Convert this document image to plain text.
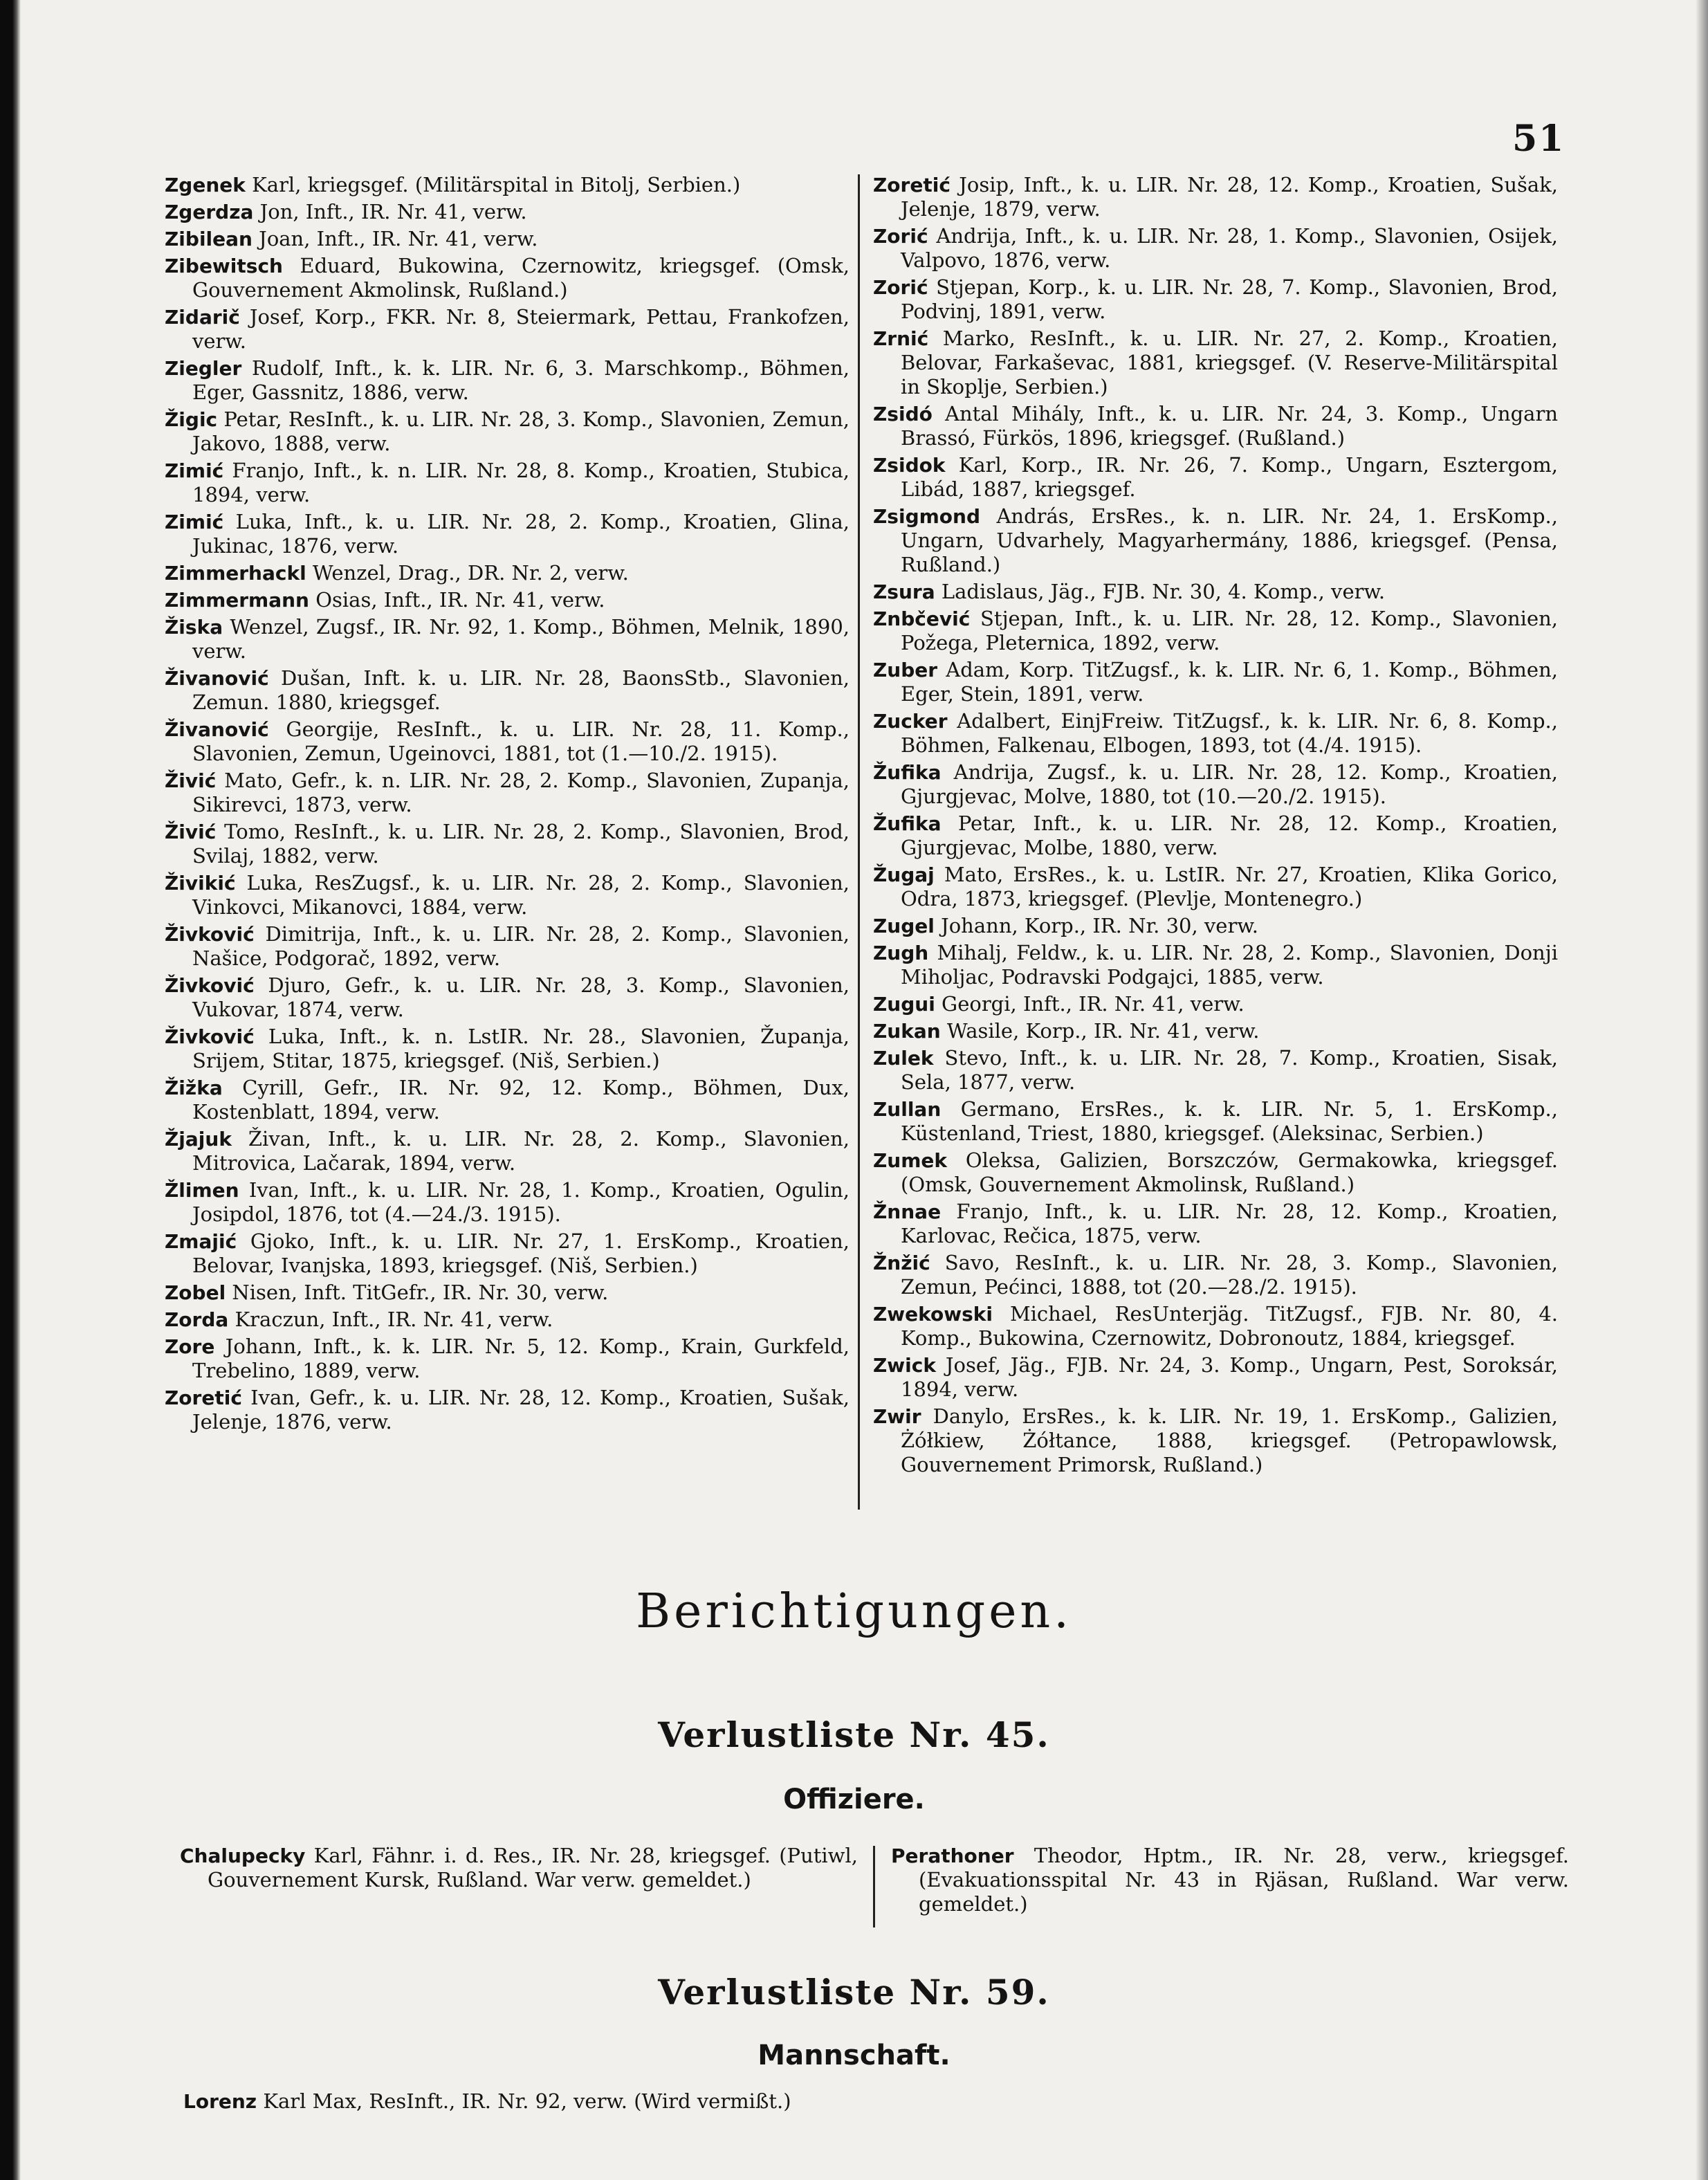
51
Zgenek Karl, kriegsgef. (Militärspital in Bitolj, Serbien.)
Zgerdza Jon, Inft., IR. Nr. 41, verw.
Zibilean Joan, Inft., IR. Nr. 41, verw.
Zibewitsch Eduard, Bukowina, Czernowitz, kriegsgef. (Omsk, Gouvernement Akmolinsk, Rußland.)
Zidarič Josef, Korp., FKR. Nr. 8, Steiermark, Pettau, Frankofzen, verw.
Ziegler Rudolf, Inft., k. k. LIR. Nr. 6, 3. Marschkomp., Böhmen, Eger, Gassnitz, 1886, verw.
Žigic Petar, ResInft., k. u. LIR. Nr. 28, 3. Komp., Slavonien, Zemun, Jakovo, 1888, verw.
Zimić Franjo, Inft., k. n. LIR. Nr. 28, 8. Komp., Kroatien, Stubica, 1894, verw.
Zimić Luka, Inft., k. u. LIR. Nr. 28, 2. Komp., Kroatien, Glina, Jukinac, 1876, verw.
Zimmerhackl Wenzel, Drag., DR. Nr. 2, verw.
Zimmermann Osias, Inft., IR. Nr. 41, verw.
Žiska Wenzel, Zugsf., IR. Nr. 92, 1. Komp., Böhmen, Melnik, 1890, verw.
Živanović Dušan, Inft. k. u. LIR. Nr. 28, BaonsStb., Slavonien, Zemun. 1880, kriegsgef.
Živanović Georgije, ResInft., k. u. LIR. Nr. 28, 11. Komp., Slavonien, Zemun, Ugeinovci, 1881, tot (1.—10./2. 1915).
Živić Mato, Gefr., k. n. LIR. Nr. 28, 2. Komp., Slavonien, Zupanja, Sikirevci, 1873, verw.
Živić Tomo, ResInft., k. u. LIR. Nr. 28, 2. Komp., Slavonien, Brod, Svilaj, 1882, verw.
Živikić Luka, ResZugsf., k. u. LIR. Nr. 28, 2. Komp., Slavonien, Vinkovci, Mikanovci, 1884, verw.
Živković Dimitrija, Inft., k. u. LIR. Nr. 28, 2. Komp., Slavonien, Našice, Podgorač, 1892, verw.
Živković Djuro, Gefr., k. u. LIR. Nr. 28, 3. Komp., Slavonien, Vukovar, 1874, verw.
Živković Luka, Inft., k. n. LstIR. Nr. 28., Slavonien, Županja, Srijem, Stitar, 1875, kriegsgef. (Niš, Serbien.)
Žižka Cyrill, Gefr., IR. Nr. 92, 12. Komp., Böhmen, Dux, Kostenblatt, 1894, verw.
Žjajuk Živan, Inft., k. u. LIR. Nr. 28, 2. Komp., Slavonien, Mitrovica, Lačarak, 1894, verw.
Žlimen Ivan, Inft., k. u. LIR. Nr. 28, 1. Komp., Kroatien, Ogulin, Josipdol, 1876, tot (4.—24./3. 1915).
Zmajić Gjoko, Inft., k. u. LIR. Nr. 27, 1. ErsKomp., Kroatien, Belovar, Ivanjska, 1893, kriegsgef. (Niš, Serbien.)
Zobel Nisen, Inft. TitGefr., IR. Nr. 30, verw.
Zorda Kraczun, Inft., IR. Nr. 41, verw.
Zore Johann, Inft., k. k. LIR. Nr. 5, 12. Komp., Krain, Gurkfeld, Trebelino, 1889, verw.
Zoretić Ivan, Gefr., k. u. LIR. Nr. 28, 12. Komp., Kroatien, Sušak, Jelenje, 1876, verw.
Zoretić Josip, Inft., k. u. LIR. Nr. 28, 12. Komp., Kroatien, Sušak, Jelenje, 1879, verw.
Zorić Andrija, Inft., k. u. LIR. Nr. 28, 1. Komp., Slavonien, Osijek, Valpovo, 1876, verw.
Zorić Stjepan, Korp., k. u. LIR. Nr. 28, 7. Komp., Slavonien, Brod, Podvinj, 1891, verw.
Zrnić Marko, ResInft., k. u. LIR. Nr. 27, 2. Komp., Kroatien, Belovar, Farkaševac, 1881, kriegsgef. (V. Reserve-Militärspital in Skoplje, Serbien.)
Zsidó Antal Mihály, Inft., k. u. LIR. Nr. 24, 3. Komp., Ungarn Brassó, Fürkös, 1896, kriegsgef. (Rußland.)
Zsidok Karl, Korp., IR. Nr. 26, 7. Komp., Ungarn, Esztergom, Libád, 1887, kriegsgef.
Zsigmond András, ErsRes., k. n. LIR. Nr. 24, 1. ErsKomp., Ungarn, Udvarhely, Magyarhermány, 1886, kriegsgef. (Pensa, Rußland.)
Zsura Ladislaus, Jäg., FJB. Nr. 30, 4. Komp., verw.
Znbčević Stjepan, Inft., k. u. LIR. Nr. 28, 12. Komp., Slavonien, Požega, Pleternica, 1892, verw.
Zuber Adam, Korp. TitZugsf., k. k. LIR. Nr. 6, 1. Komp., Böhmen, Eger, Stein, 1891, verw.
Zucker Adalbert, EinjFreiw. TitZugsf., k. k. LIR. Nr. 6, 8. Komp., Böhmen, Falkenau, Elbogen, 1893, tot (4./4. 1915).
Žufika Andrija, Zugsf., k. u. LIR. Nr. 28, 12. Komp., Kroatien, Gjurgjevac, Molve, 1880, tot (10.—20./2. 1915).
Žufika Petar, Inft., k. u. LIR. Nr. 28, 12. Komp., Kroatien, Gjurgjevac, Molbe, 1880, verw.
Žugaj Mato, ErsRes., k. u. LstIR. Nr. 27, Kroatien, Klika Gorico, Odra, 1873, kriegsgef. (Plevlje, Montenegro.)
Zugel Johann, Korp., IR. Nr. 30, verw.
Zugh Mihalj, Feldw., k. u. LIR. Nr. 28, 2. Komp., Slavonien, Donji Miholjac, Podravski Podgajci, 1885, verw.
Zugui Georgi, Inft., IR. Nr. 41, verw.
Zukan Wasile, Korp., IR. Nr. 41, verw.
Zulek Stevo, Inft., k. u. LIR. Nr. 28, 7. Komp., Kroatien, Sisak, Sela, 1877, verw.
Zullan Germano, ErsRes., k. k. LIR. Nr. 5, 1. ErsKomp., Küstenland, Triest, 1880, kriegsgef. (Aleksinac, Serbien.)
Zumek Oleksa, Galizien, Borszczów, Germakowka, kriegsgef. (Omsk, Gouvernement Akmolinsk, Rußland.)
Žnnae Franjo, Inft., k. u. LIR. Nr. 28, 12. Komp., Kroatien, Karlovac, Rečica, 1875, verw.
Žnžić Savo, ResInft., k. u. LIR. Nr. 28, 3. Komp., Slavonien, Zemun, Pećinci, 1888, tot (20.—28./2. 1915).
Zwekowski Michael, ResUnterjäg. TitZugsf., FJB. Nr. 80, 4. Komp., Bukowina, Czernowitz, Dobronoutz, 1884, kriegsgef.
Zwick Josef, Jäg., FJB. Nr. 24, 3. Komp., Ungarn, Pest, Soroksár, 1894, verw.
Zwir Danylo, ErsRes., k. k. LIR. Nr. 19, 1. ErsKomp., Galizien, Żółkiew, Żółtance, 1888, kriegsgef. (Petropawlowsk, Gouvernement Primorsk, Rußland.)
Berichtigungen.
Verlustliste Nr. 45.
Offiziere.
Chalupecky Karl, Fähnr. i. d. Res., IR. Nr. 28, kriegsgef. (Putiwl, Gouvernement Kursk, Rußland. War verw. gemeldet.)
Perathoner Theodor, Hptm., IR. Nr. 28, verw., kriegsgef. (Evakuationsspital Nr. 43 in Rjäsan, Rußland. War verw. gemeldet.)
Verlustliste Nr. 59.
Mannschaft.
Lorenz Karl Max, ResInft., IR. Nr. 92, verw. (Wird vermißt.)
